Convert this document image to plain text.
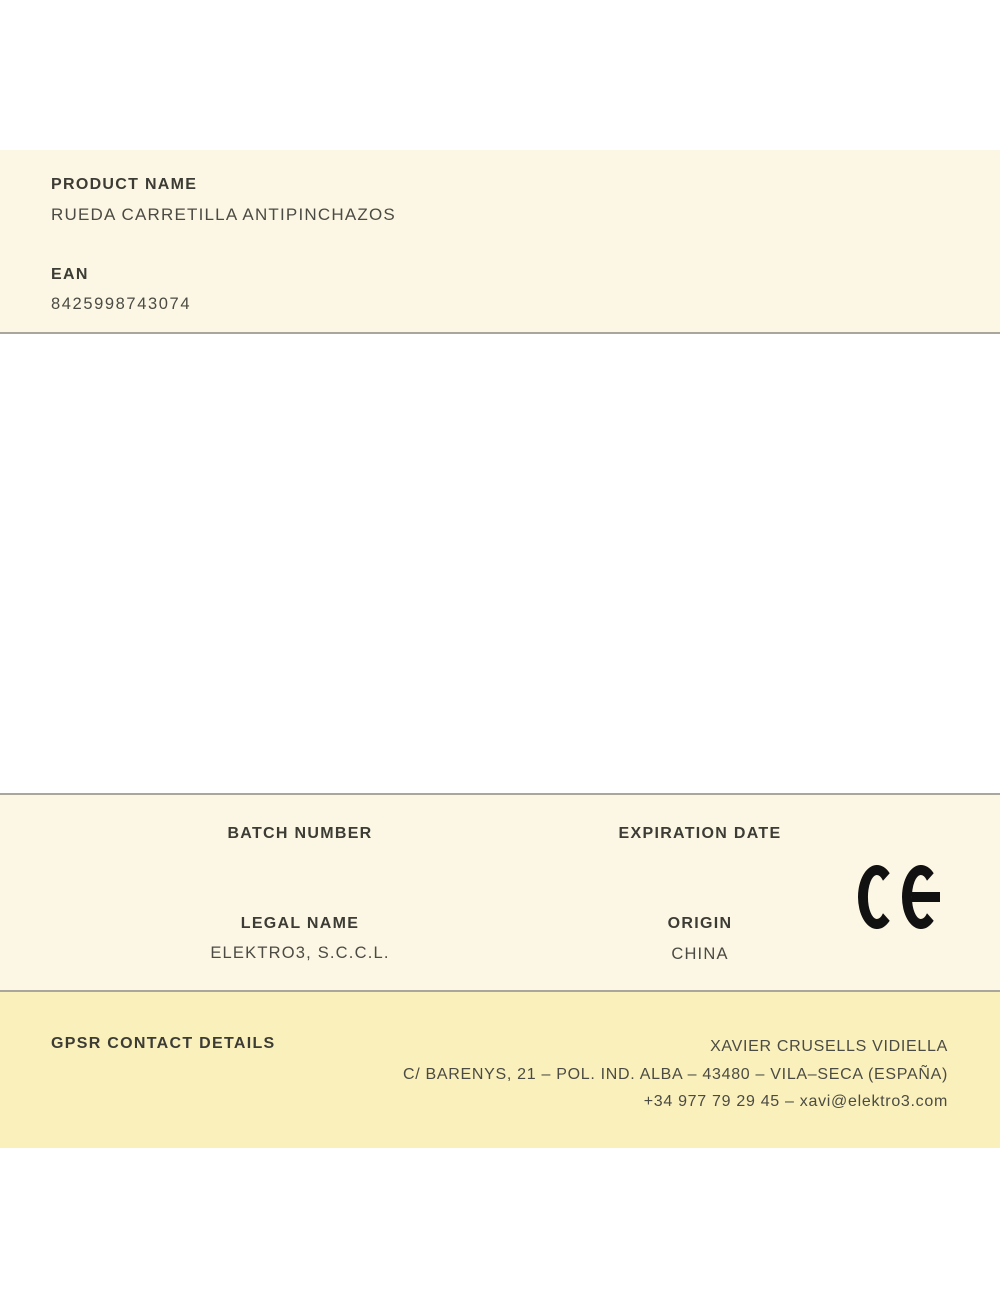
PRODUCT NAME
RUEDA CARRETILLA ANTIPINCHAZOS
EAN
8425998743074
BATCH NUMBER	EXPIRATION DATE
LEGAL NAME
ELEKTRO3, S.C.C.L.
ORIGIN
CHINA
GPSR CONTACT DETAILS	XAVIER CRUSELLS VIDIELLA
C/ BARENYS, 21 – POL. IND. ALBA – 43480 – VILA–SECA (ESPAÑA)
+34 977 79 29 45 – xavi@elektro3.com
